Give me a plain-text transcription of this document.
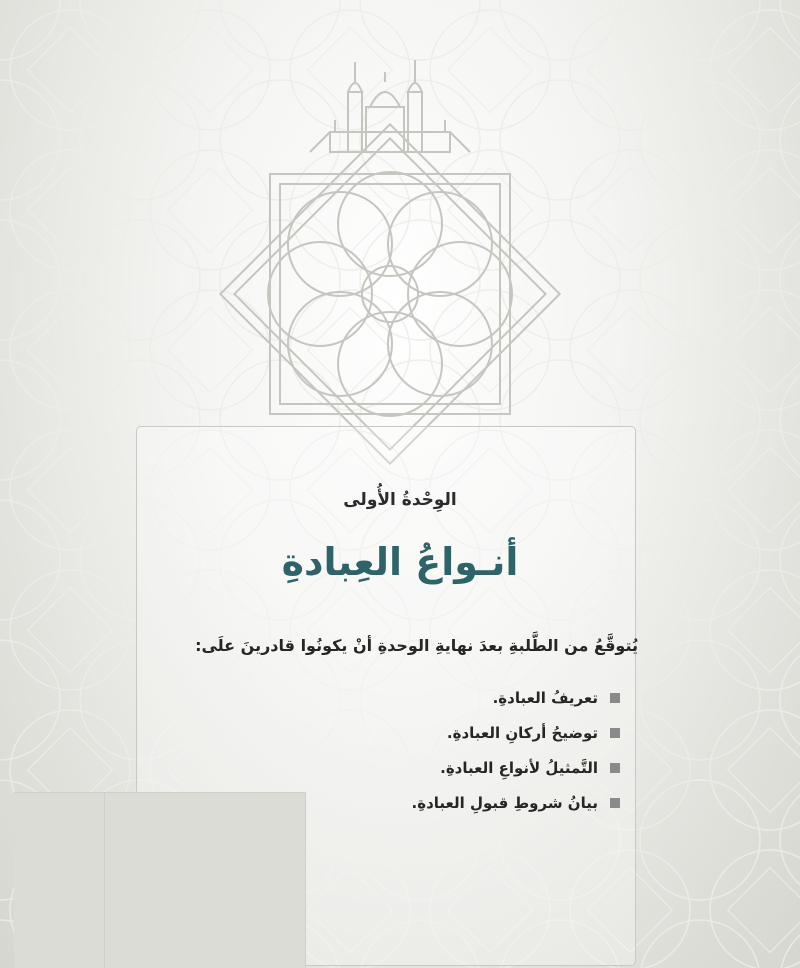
الوِحْدةُ الأُولى
أنـواعُ العِبادةِ
يُتوقَّعُ من الطَّلبةِ بعدَ نهايةِ الوحدةِ أنْ يكونُوا قادرينَ علَى:
تعريفُ العبادةِ.
توضيحُ أركانِ العبادةِ.
التَّمثيلُ لأنواعِ العبادةِ.
بيانُ شروطِ قبولِ العبادةِ.
